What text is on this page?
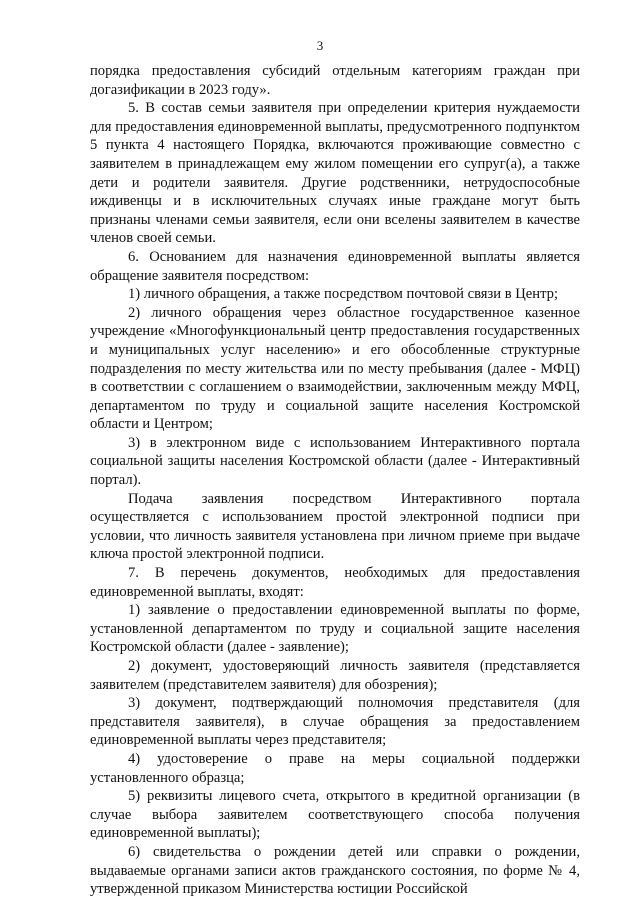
3

порядка предоставления субсидий отдельным категориям граждан при догазификации в 2023 году».

5. В состав семьи заявителя при определении критерия нуждаемости для предоставления единовременной выплаты, предусмотренного подпунктом 5 пункта 4 настоящего Порядка, включаются проживающие совместно с заявителем в принадлежащем ему жилом помещении его супруг(а), а также дети и родители заявителя. Другие родственники, нетрудоспособные иждивенцы и в исключительных случаях иные граждане могут быть признаны членами семьи заявителя, если они вселены заявителем в качестве членов своей семьи.

6. Основанием для назначения единовременной выплаты является обращение заявителя посредством:

1) личного обращения, а также посредством почтовой связи в Центр;

2) личного обращения через областное государственное казенное учреждение «Многофункциональный центр предоставления государственных и муниципальных услуг населению» и его обособленные структурные подразделения по месту жительства или по месту пребывания (далее - МФЦ) в соответствии с соглашением о взаимодействии, заключенным между МФЦ, департаментом по труду и социальной защите населения Костромской области и Центром;

3) в электронном виде с использованием Интерактивного портала социальной защиты населения Костромской области (далее - Интерактивный портал).

Подача заявления посредством Интерактивного портала осуществляется с использованием простой электронной подписи при условии, что личность заявителя установлена при личном приеме при выдаче ключа простой электронной подписи.

7. В перечень документов, необходимых для предоставления единовременной выплаты, входят:

1) заявление о предоставлении единовременной выплаты по форме, установленной департаментом по труду и социальной защите населения Костромской области (далее - заявление);

2) документ, удостоверяющий личность заявителя (представляется заявителем (представителем заявителя) для обозрения);

3) документ, подтверждающий полномочия представителя (для представителя заявителя), в случае обращения за предоставлением единовременной выплаты через представителя;

4) удостоверение о праве на меры социальной поддержки установленного образца;

5) реквизиты лицевого счета, открытого в кредитной организации (в случае выбора заявителем соответствующего способа получения единовременной выплаты);

6) свидетельства о рождении детей или справки о рождении, выдаваемые органами записи актов гражданского состояния, по форме № 4, утвержденной приказом Министерства юстиции Российской
